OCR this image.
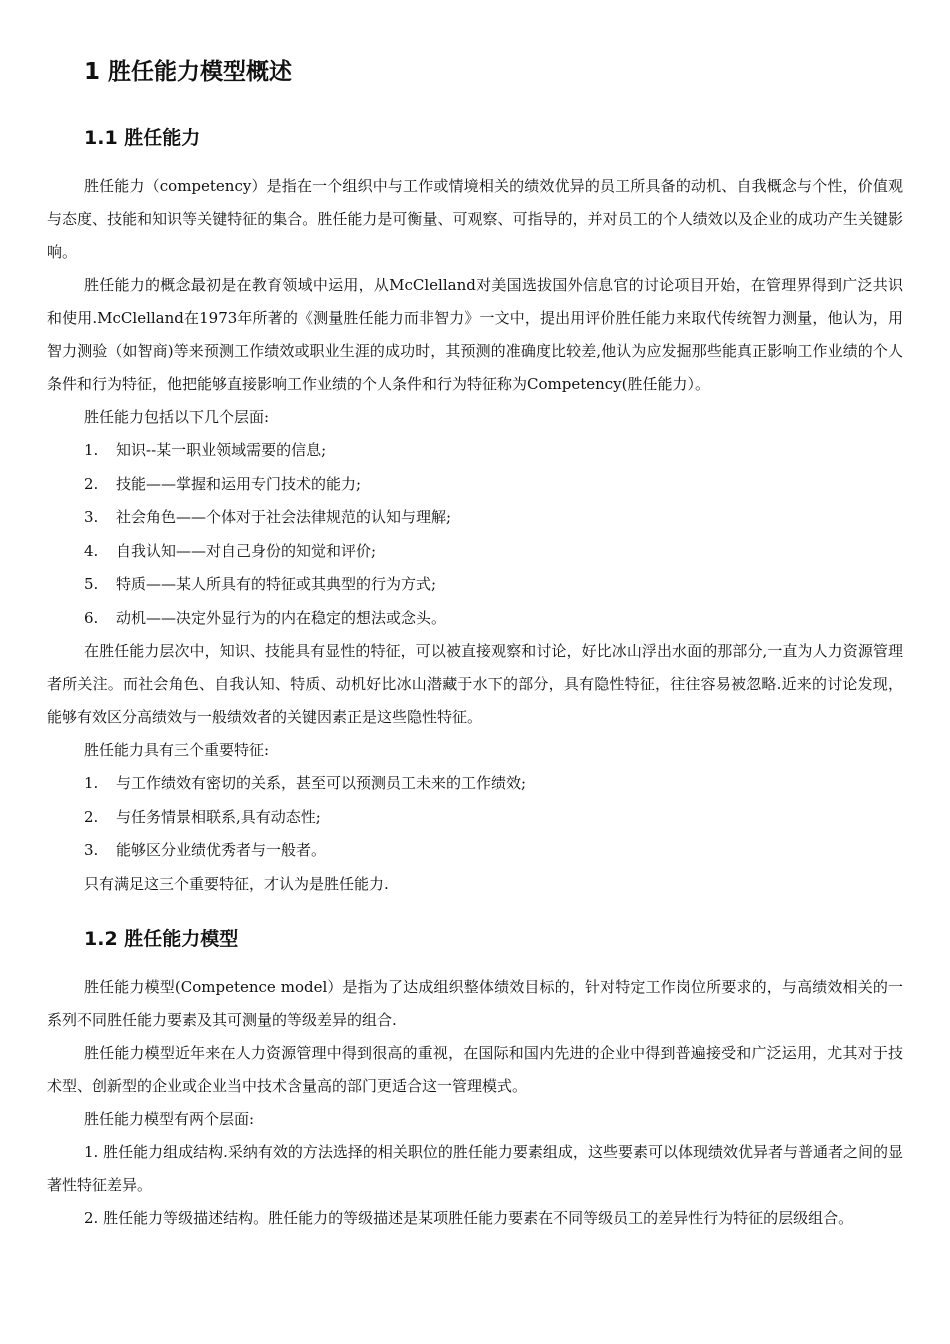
1 胜任能力模型概述
1.1 胜任能力

胜任能力（competency）是指在一个组织中与工作或情境相关的绩效优异的员工所具备的动机、自我概念与个性，价值观与态度、技能和知识等关键特征的集合。胜任能力是可衡量、可观察、可指导的，并对员工的个人绩效以及企业的成功产生关键影响。

胜任能力的概念最初是在教育领域中运用，从McClelland对美国选拔国外信息官的讨论项目开始，在管理界得到广泛共识和使用.McClelland在1973年所著的《测量胜任能力而非智力》一文中，提出用评价胜任能力来取代传统智力测量，他认为，用智力测验（如智商)等来预测工作绩效或职业生涯的成功时，其预测的准确度比较差,他认为应发掘那些能真正影响工作业绩的个人条件和行为特征，他把能够直接影响工作业绩的个人条件和行为特征称为Competency(胜任能力）。

胜任能力包括以下几个层面:

1. 知识--某一职业领域需要的信息;
2. 技能——掌握和运用专门技术的能力;
3. 社会角色——个体对于社会法律规范的认知与理解;
4. 自我认知——对自己身份的知觉和评价;
5. 特质——某人所具有的特征或其典型的行为方式;
6. 动机——决定外显行为的内在稳定的想法或念头。

在胜任能力层次中，知识、技能具有显性的特征，可以被直接观察和讨论，好比冰山浮出水面的那部分,一直为人力资源管理者所关注。而社会角色、自我认知、特质、动机好比冰山潜藏于水下的部分，具有隐性特征，往往容易被忽略.近来的讨论发现，能够有效区分高绩效与一般绩效者的关键因素正是这些隐性特征。

胜任能力具有三个重要特征:

1. 与工作绩效有密切的关系，甚至可以预测员工未来的工作绩效;
2. 与任务情景相联系,具有动态性;
3. 能够区分业绩优秀者与一般者。

只有满足这三个重要特征，才认为是胜任能力.

1.2 胜任能力模型

胜任能力模型(Competence model）是指为了达成组织整体绩效目标的，针对特定工作岗位所要求的，与高绩效相关的一系列不同胜任能力要素及其可测量的等级差异的组合.

胜任能力模型近年来在人力资源管理中得到很高的重视，在国际和国内先进的企业中得到普遍接受和广泛运用，尤其对于技术型、创新型的企业或企业当中技术含量高的部门更适合这一管理模式。

胜任能力模型有两个层面:

1. 胜任能力组成结构.采纳有效的方法选择的相关职位的胜任能力要素组成，这些要素可以体现绩效优异者与普通者之间的显著性特征差异。

2. 胜任能力等级描述结构。胜任能力的等级描述是某项胜任能力要素在不同等级员工的差异性行为特征的层级组合。
